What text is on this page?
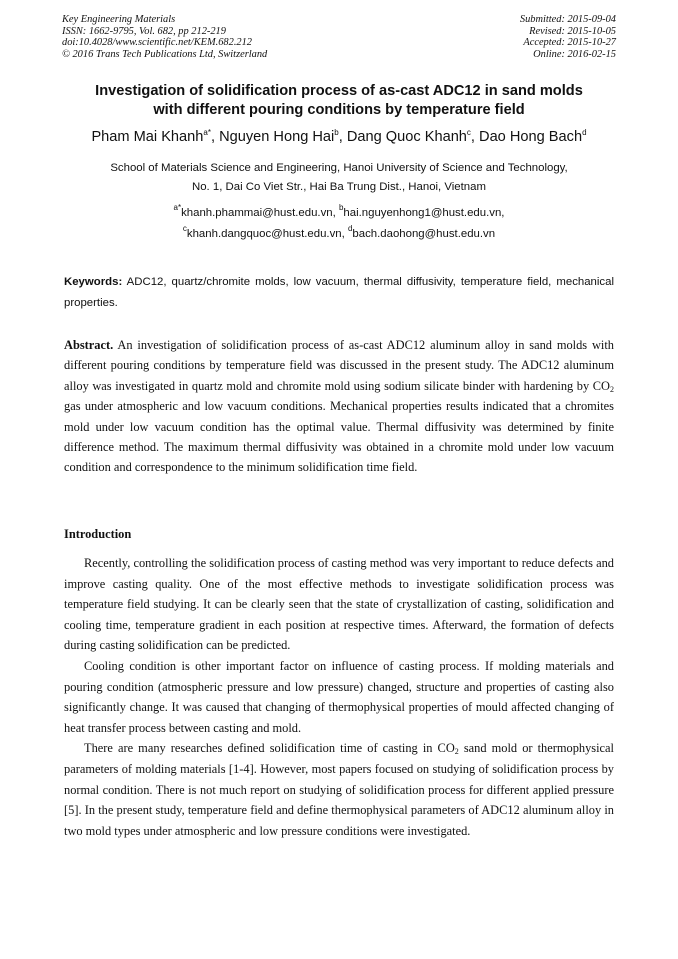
Key Engineering Materials
ISSN: 1662-9795, Vol. 682, pp 212-219
doi:10.4028/www.scientific.net/KEM.682.212
© 2016 Trans Tech Publications Ltd, Switzerland
Submitted: 2015-09-04
Revised: 2015-10-05
Accepted: 2015-10-27
Online: 2016-02-15
Investigation of solidification process of as-cast ADC12 in sand molds
with different pouring conditions by temperature field
Pham Mai Khanh$^{a*}$, Nguyen Hong Hai$^b$, Dang Quoc Khanh$^c$, Dao Hong Bach$^d$
School of Materials Science and Engineering, Hanoi University of Science and Technology,
No. 1, Dai Co Viet Str., Hai Ba Trung Dist., Hanoi, Vietnam
$^{a*}$khanh.phammai@hust.edu.vn, $^b$hai.nguyenhong1@hust.edu.vn,
$^c$khanh.dangquoc@hust.edu.vn, $^d$bach.daohong@hust.edu.vn
Keywords: ADC12, quartz/chromite molds, low vacuum, thermal diffusivity, temperature field, mechanical properties.
Abstract. An investigation of solidification process of as-cast ADC12 aluminum alloy in sand molds with different pouring conditions by temperature field was discussed in the present study. The ADC12 aluminum alloy was investigated in quartz mold and chromite mold using sodium silicate binder with hardening by $CO_2$ gas under atmospheric and low vacuum conditions. Mechanical properties results indicated that a chromites mold under low vacuum condition has the optimal value. Thermal diffusivity was determined by finite difference method. The maximum thermal diffusivity was obtained in a chromite mold under low vacuum condition and correspondence to the minimum solidification time field.
Introduction

Recently, controlling the solidification process of casting method was very important to reduce defects and improve casting quality. One of the most effective methods to investigate solidification process was temperature field studying. It can be clearly seen that the state of crystallization of casting, solidification and cooling time, temperature gradient in each position at respective times. Afterward, the formation of defects during casting solidification can be predicted.

Cooling condition is other important factor on influence of casting process. If molding materials and pouring condition (atmospheric pressure and low pressure) changed, structure and properties of casting also significantly change. It was caused that changing of thermophysical properties of mould affected changing of heat transfer process between casting and mold.

There are many researches defined solidification time of casting in $CO_2$ sand mold or thermophysical parameters of molding materials [1-4]. However, most papers focused on studying of solidification process by normal condition. There is not much report on studying of solidification process for different applied pressure [5]. In the present study, temperature field and define thermophysical parameters of ADC12 aluminum alloy in two mold types under atmospheric and low pressure conditions were investigated.
